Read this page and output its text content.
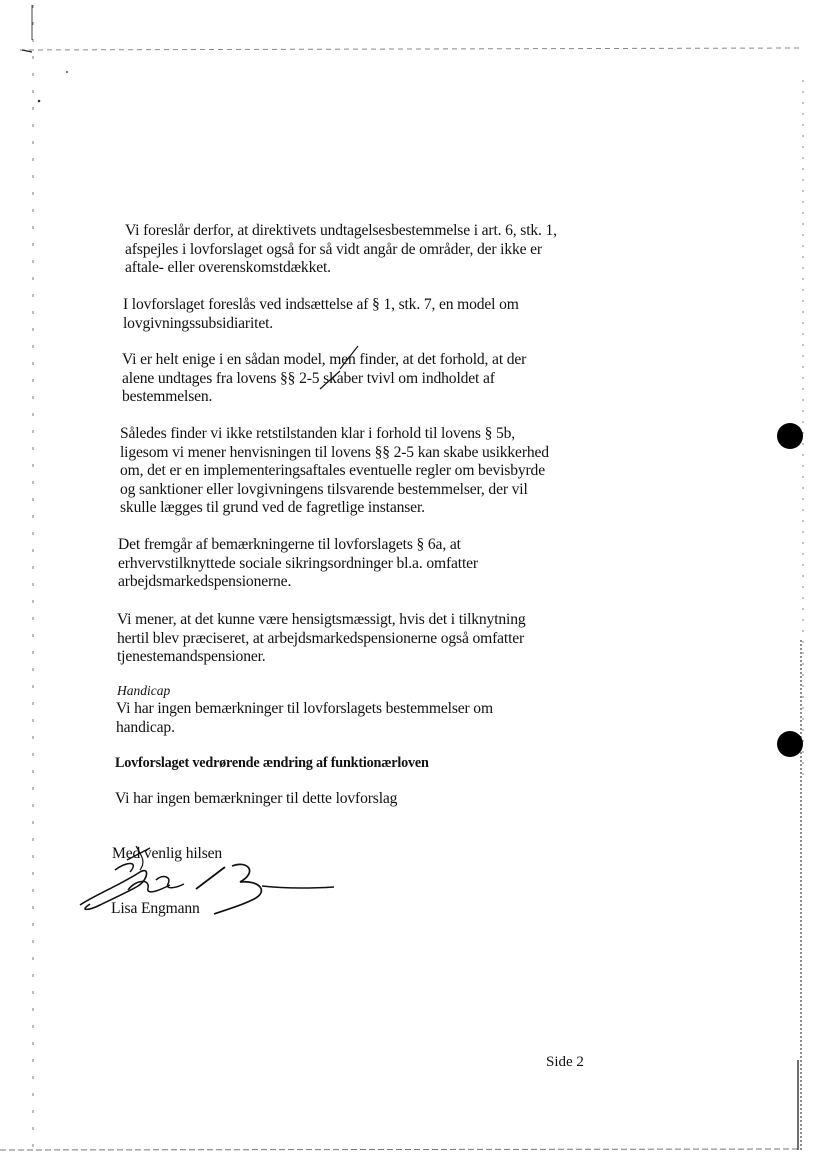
Vi foreslår derfor, at direktivets undtagelsesbestemmelse i art. 6, stk. 1,
afspejles i lovforslaget også for så vidt angår de områder, der ikke er
aftale- eller overenskomstdækket.

I lovforslaget foreslås ved indsættelse af § 1, stk. 7, en model om
lovgivningssubsidiaritet.

Vi er helt enige i en sådan model, men finder, at det forhold, at der
alene undtages fra lovens §§ 2-5 skaber tvivl om indholdet af
bestemmelsen.

Således finder vi ikke retstilstanden klar i forhold til lovens § 5b,
ligesom vi mener henvisningen til lovens §§ 2-5 kan skabe usikkerhed
om, det er en implementeringsaftales eventuelle regler om bevisbyrde
og sanktioner eller lovgivningens tilsvarende bestemmelser, der vil
skulle lægges til grund ved de fagretlige instanser.

Det fremgår af bemærkningerne til lovforslagets § 6a, at
erhvervstilknyttede sociale sikringsordninger bl.a. omfatter
arbejdsmarkedspensionerne.

Vi mener, at det kunne være hensigtsmæssigt, hvis det i tilknytning
hertil blev præciseret, at arbejdsmarkedspensionerne også omfatter
tjenestemandspensioner.

Handicap

Vi har ingen bemærkninger til lovforslagets bestemmelser om
handicap.

Lovforslaget vedrørende ændring af funktionærloven

Vi har ingen bemærkninger til dette lovforslag

Med venlig hilsen

Lisa Engmann

Side 2
